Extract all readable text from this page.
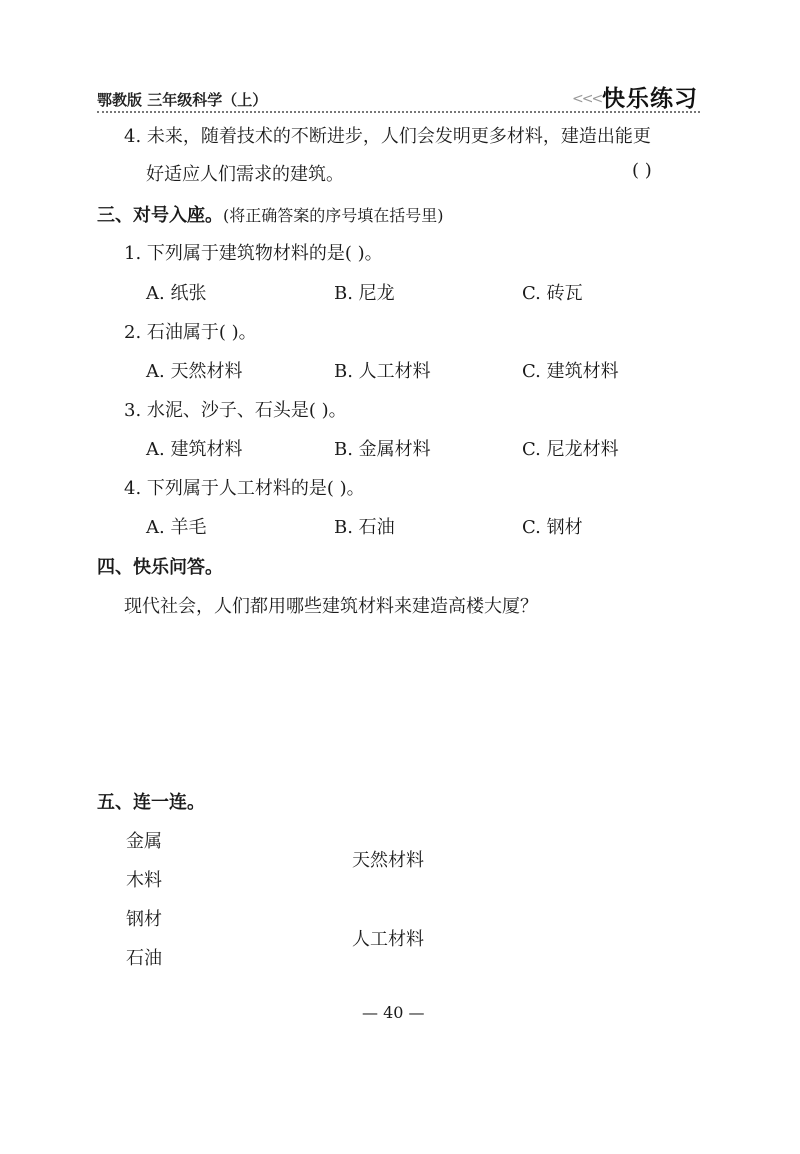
鄂教版 三年级科学（上）	<<< 快乐练习
4. 未来，随着技术的不断进步，人们会发明更多材料，建造出能更
好适应人们需求的建筑。	( )
三、对号入座。(将正确答案的序号填在括号里)
1. 下列属于建筑物材料的是( )。
A. 纸张	B. 尼龙	C. 砖瓦
2. 石油属于( )。
A. 天然材料	B. 人工材料	C. 建筑材料
3. 水泥、沙子、石头是( )。
A. 建筑材料	B. 金属材料	C. 尼龙材料
4. 下列属于人工材料的是( )。
A. 羊毛	B. 石油	C. 钢材
四、快乐问答。
现代社会，人们都用哪些建筑材料来建造高楼大厦？
五、连一连。
金属
木料
钢材
石油
天然材料
人工材料
— 40 —
